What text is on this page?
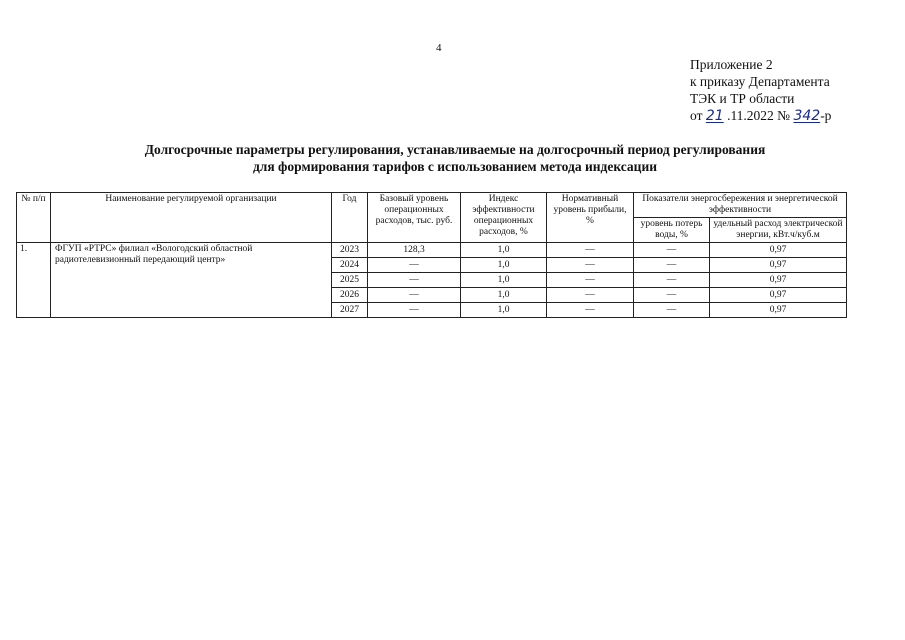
4
Приложение 2
к приказу Департамента
ТЭК и ТР области
от 21 .11.2022 № 342-р
Долгосрочные параметры регулирования, устанавливаемые на долгосрочный период регулирования
для формирования тарифов с использованием метода индексации
№ п/п	Наименование регулируемой организации	Год	Базовый уровень операционных расходов, тыс. руб.	Индекс эффективности операционных расходов, %	Нормативный уровень прибыли, %	Показатели энергосбережения и энергетической эффективности	
						уровень потерь воды, %	удельный расход электрической энергии, кВт.ч/куб.м
1.	ФГУП «РТРС» филиал «Вологодский областной радиотелевизионный передающий центр»	2023	128,3	1,0	—	—	0,97
		2024	—	1,0	—	—	0,97
		2025	—	1,0	—	—	0,97
		2026	—	1,0	—	—	0,97
		2027	—	1,0	—	—	0,97
